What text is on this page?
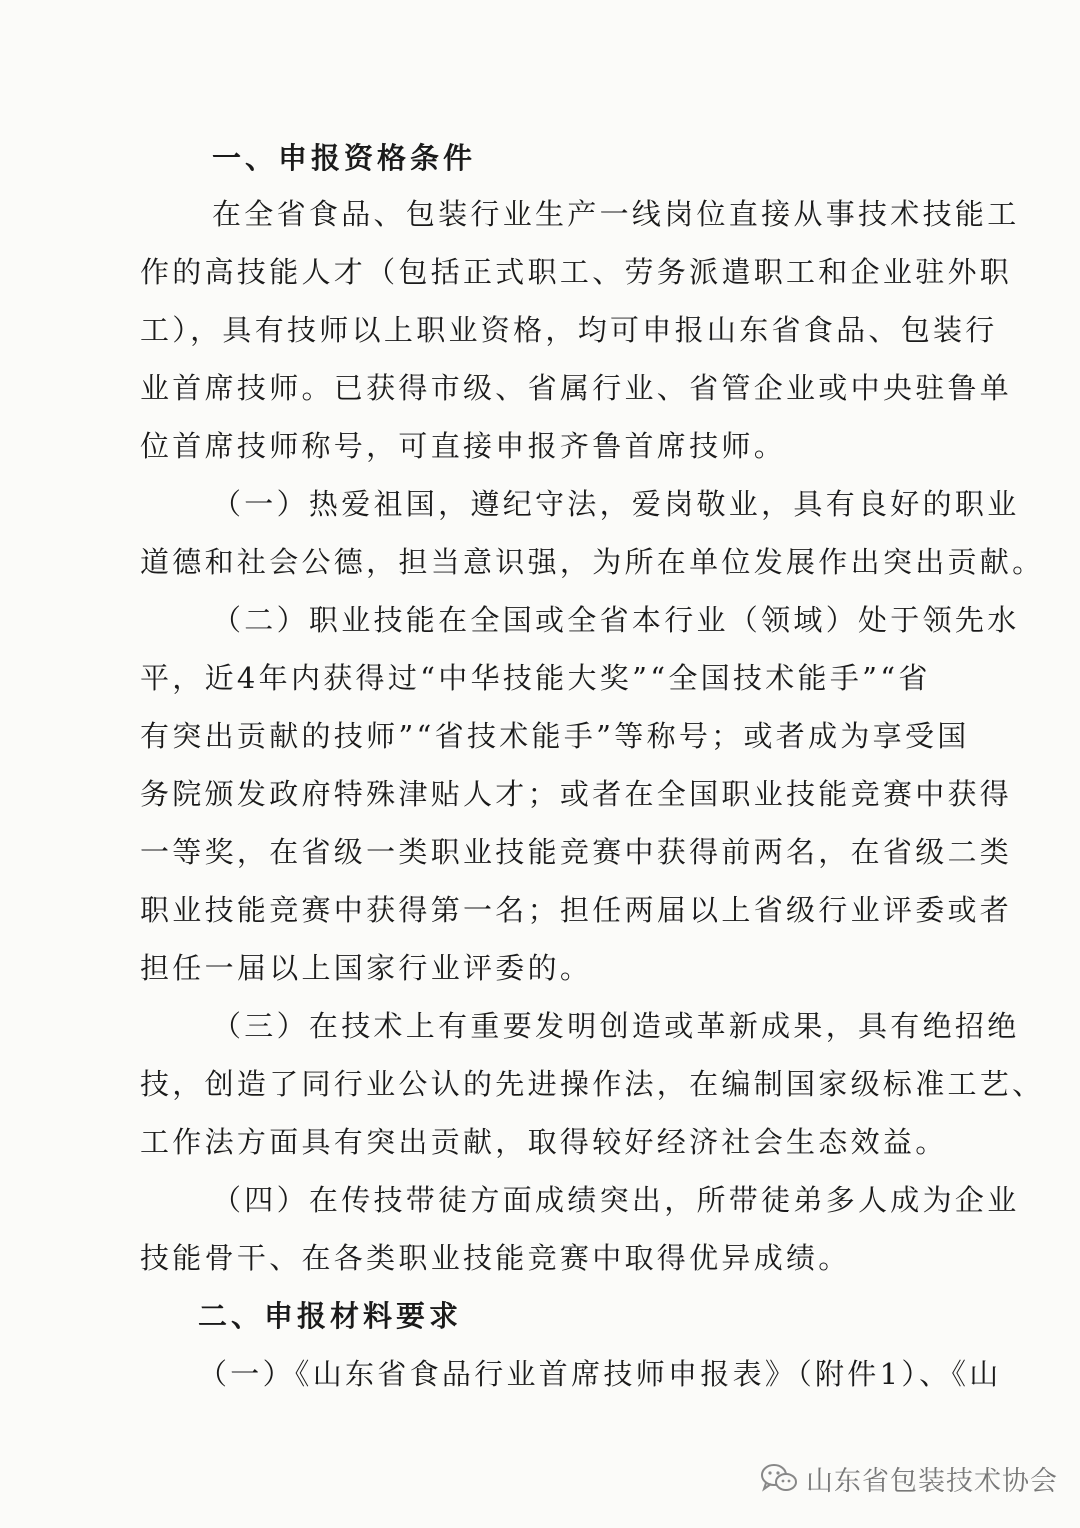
一、申报资格条件
在全省食品、包装行业生产一线岗位直接从事技术技能工
作的高技能人才（包括正式职工、劳务派遣职工和企业驻外职
工），具有技师以上职业资格，均可申报山东省食品、包装行
业首席技师。已获得市级、省属行业、省管企业或中央驻鲁单
位首席技师称号，可直接申报齐鲁首席技师。
（一）热爱祖国，遵纪守法，爱岗敬业，具有良好的职业
道德和社会公德，担当意识强，为所在单位发展作出突出贡献。
（二）职业技能在全国或全省本行业（领域）处于领先水
平，近4年内获得过“中华技能大奖”“全国技术能手”“省
有突出贡献的技师”“省技术能手”等称号；或者成为享受国
务院颁发政府特殊津贴人才；或者在全国职业技能竞赛中获得
一等奖，在省级一类职业技能竞赛中获得前两名，在省级二类
职业技能竞赛中获得第一名；担任两届以上省级行业评委或者
担任一届以上国家行业评委的。
（三）在技术上有重要发明创造或革新成果，具有绝招绝
技，创造了同行业公认的先进操作法，在编制国家级标准工艺、
工作法方面具有突出贡献，取得较好经济社会生态效益。
（四）在传技带徒方面成绩突出，所带徒弟多人成为企业
技能骨干、在各类职业技能竞赛中取得优异成绩。
二、申报材料要求
（一）《山东省食品行业首席技师申报表》（附件1）、《山
山东省包装技术协会
